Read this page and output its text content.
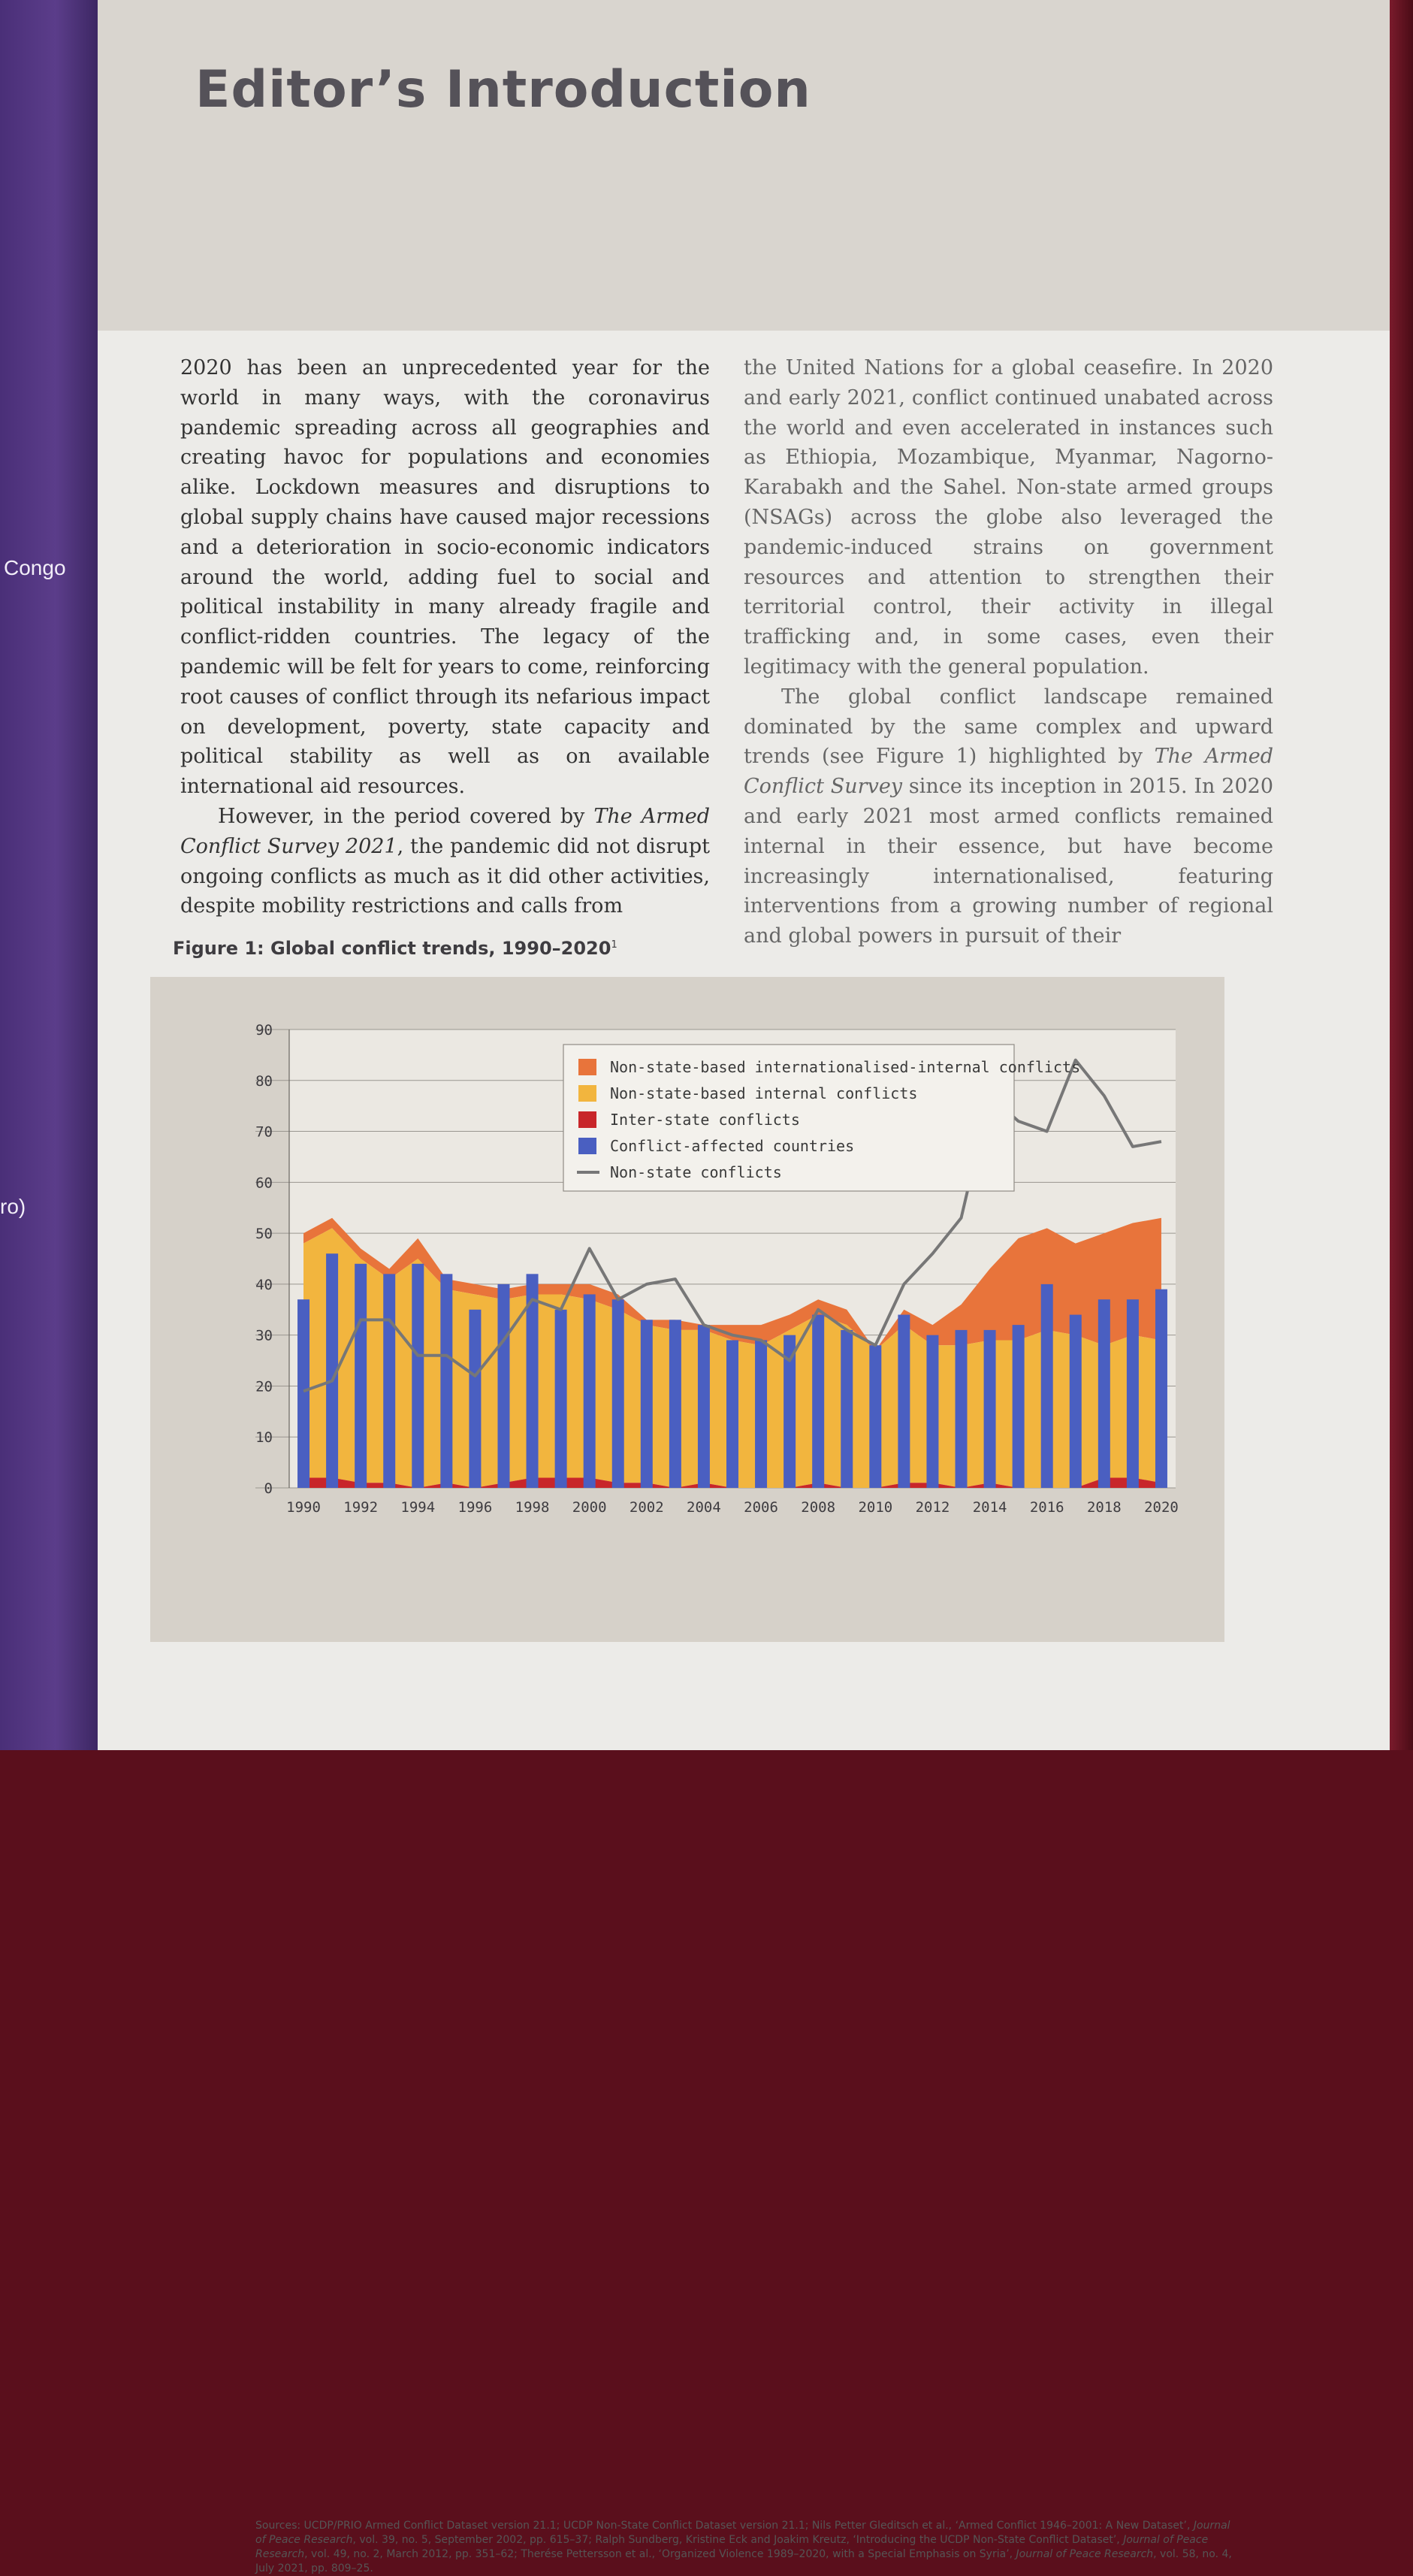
Congo
ro)
Editor’s Introduction

2020 has been an unprecedented year for the world in many ways, with the coronavirus pandemic spreading across all geographies and creating havoc for populations and economies alike. Lockdown measures and disruptions to global supply chains have caused major recessions and a deterioration in socio-economic indicators around the world, adding fuel to social and political instability in many already fragile and conflict-ridden countries. The legacy of the pandemic will be felt for years to come, reinforcing root causes of conflict through its nefarious impact on development, poverty, state capacity and political stability as well as on available international aid resources.

However, in the period covered by The Armed Conflict Survey 2021, the pandemic did not disrupt ongoing conflicts as much as it did other activities, despite mobility restrictions and calls from

the United Nations for a global ceasefire. In 2020 and early 2021, conflict continued unabated across the world and even accelerated in instances such as Ethiopia, Mozambique, Myanmar, Nagorno-Karabakh and the Sahel. Non-state armed groups (NSAGs) across the globe also leveraged the pandemic-induced strains on government resources and attention to strengthen their territorial control, their activity in illegal trafficking and, in some cases, even their legitimacy with the general population.

The global conflict landscape remained dominated by the same complex and upward trends (see Figure 1) highlighted by The Armed Conflict Survey since its inception in 2015. In 2020 and early 2021 most armed conflicts remained internal in their essence, but have become increasingly internationalised, featuring interventions from a growing number of regional and global powers in pursuit of their

Figure 1: Global conflict trends, 1990–2020$^1$
0
10
20
30
40
50
60
70
80
90
1990 1992 1994 1996 1998 2000 2002 2004 2006 2008 2010 2012 2014 2016 2018 2020
Non-state-based internationalised-internal conflicts
Non-state-based internal conflicts
Inter-state conflicts
Conflict-affected countries
Non-state conflicts
Sources: UCDP/PRIO Armed Conflict Dataset version 21.1; UCDP Non-State Conflict Dataset version 21.1; Nils Petter Gleditsch et al., ‘Armed Conflict 1946–2001: A New Dataset’, Journal of Peace Research, vol. 39, no. 5, September 2002, pp. 615–37; Ralph Sundberg, Kristine Eck and Joakim Kreutz, ‘Introducing the UCDP Non-State Conflict Dataset’, Journal of Peace Research, vol. 49, no. 2, March 2012, pp. 351–62; Therése Pettersson et al., ‘Organized Violence 1989–2020, with a Special Emphasis on Syria’, Journal of Peace Research, vol. 58, no. 4, July 2021, pp. 809–25.
